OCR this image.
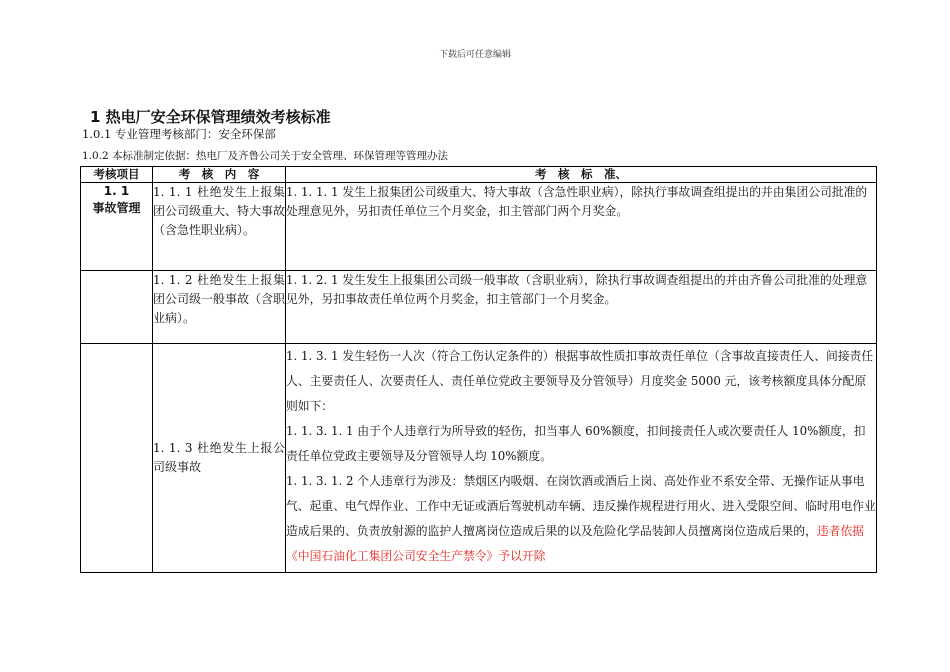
下载后可任意编辑
1 热电厂安全环保管理绩效考核标准
1.0.1 专业管理考核部门：安全环保部
1.0.2 本标准制定依据：热电厂及齐鲁公司关于安全管理、环保管理等管理办法
考核项目	考　核　内　容	考　核　标　准、

1. 1
事故管理	1. 1. 1 杜绝发生上报集团公司级重大、特大事故（含急性职业病）。	1. 1. 1. 1 发生上报集团公司级重大、特大事故（含急性职业病），除执行事故调查组提出的并由集团公司批准的处理意见外，另扣责任单位三个月奖金，扣主管部门两个月奖金。
	1. 1. 2 杜绝发生上报集团公司级一般事故（含职业病）。	1. 1. 2. 1 发生发生上报集团公司级一般事故（含职业病），除执行事故调查组提出的并由齐鲁公司批准的处理意见外，另扣事故责任单位两个月奖金，扣主管部门一个月奖金。
	1. 1. 3 杜绝发生上报公司级事故	1. 1. 3. 1 发生轻伤一人次（符合工伤认定条件的）根据事故性质扣事故责任单位（含事故直接责任人、间接责任人、主要责任人、次要责任人、责任单位党政主要领导及分管领导）月度奖金 5000 元，该考核额度具体分配原则如下：
1. 1. 3. 1. 1 由于个人违章行为所导致的轻伤，扣当事人 60%额度，扣间接责任人或次要责任人 10%额度，扣责任单位党政主要领导及分管领导人均 10%额度。
1. 1. 3. 1. 2 个人违章行为涉及：禁烟区内吸烟、在岗饮酒或酒后上岗、高处作业不系安全带、无操作证从事电气、起重、电气焊作业、工作中无证或酒后驾驶机动车辆、违反操作规程进行用火、进入受限空间、临时用电作业造成后果的、负责放射源的监护人擅离岗位造成后果的以及危险化学品装卸人员擅离岗位造成后果的，违者依据《中国石油化工集团公司安全生产禁令》予以开除
